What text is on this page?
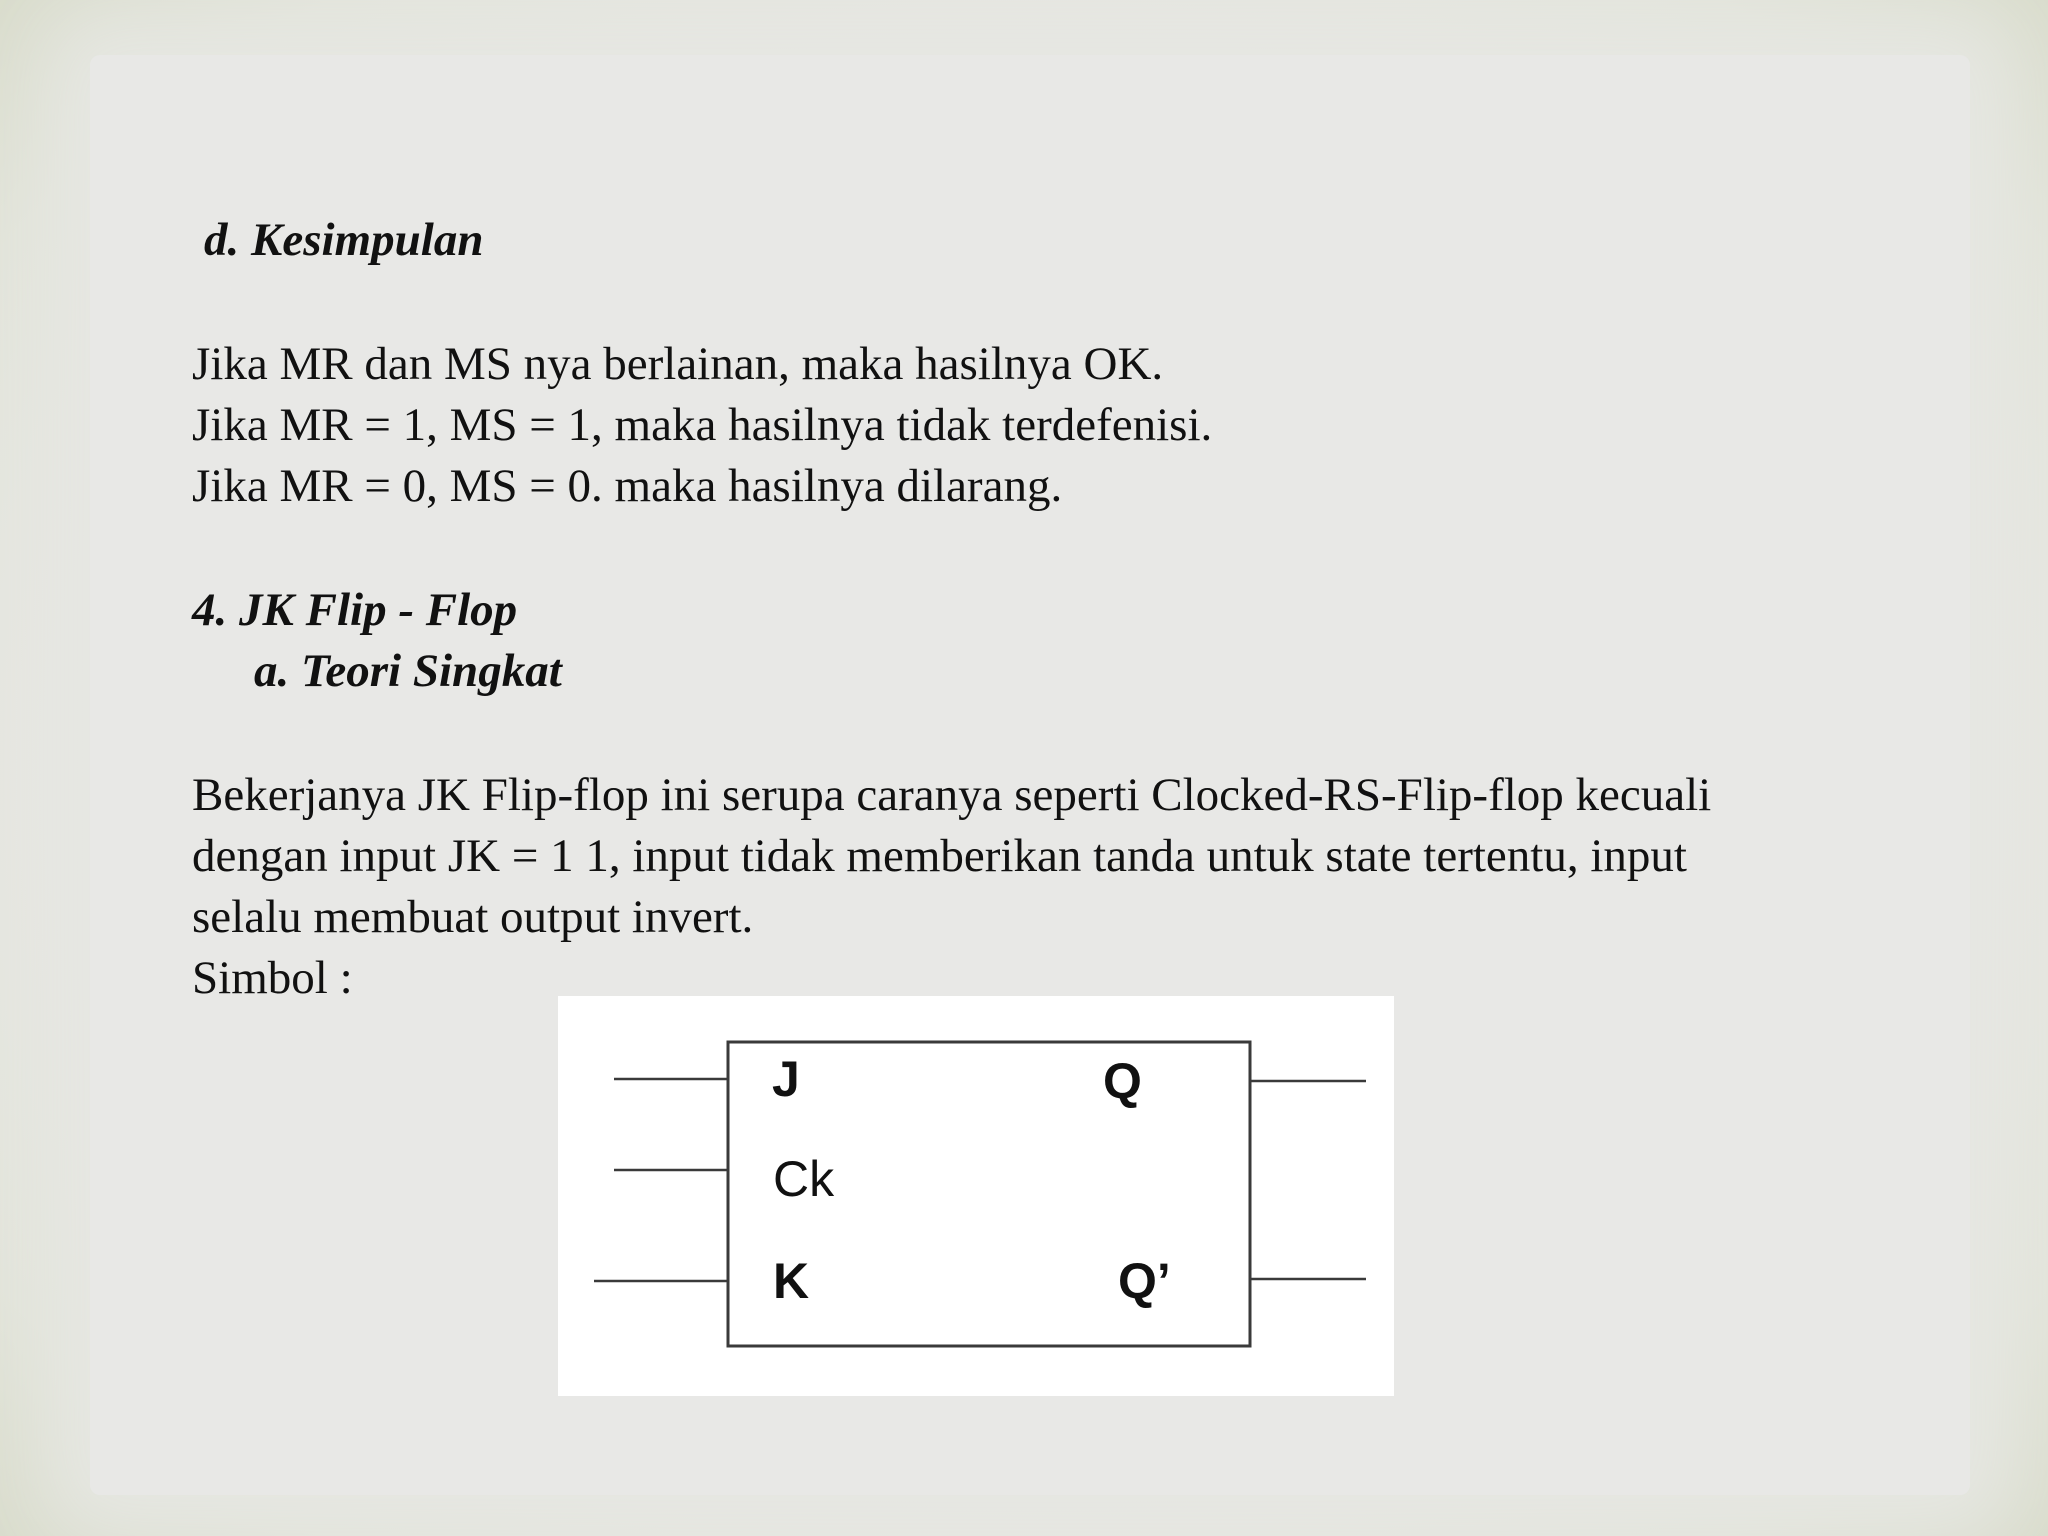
d. Kesimpulan
Jika MR dan MS nya berlainan, maka hasilnya OK.
Jika MR = 1, MS = 1, maka hasilnya tidak terdefenisi.
Jika MR = 0, MS = 0. maka hasilnya dilarang.
4. JK Flip - Flop
a. Teori Singkat
Bekerjanya JK Flip-flop ini serupa caranya seperti Clocked-RS-Flip-flop kecuali
dengan input JK = 1 1, input tidak memberikan tanda untuk state tertentu, input
selalu membuat output invert.
Simbol :
J
Ck
K
Q
Q’
